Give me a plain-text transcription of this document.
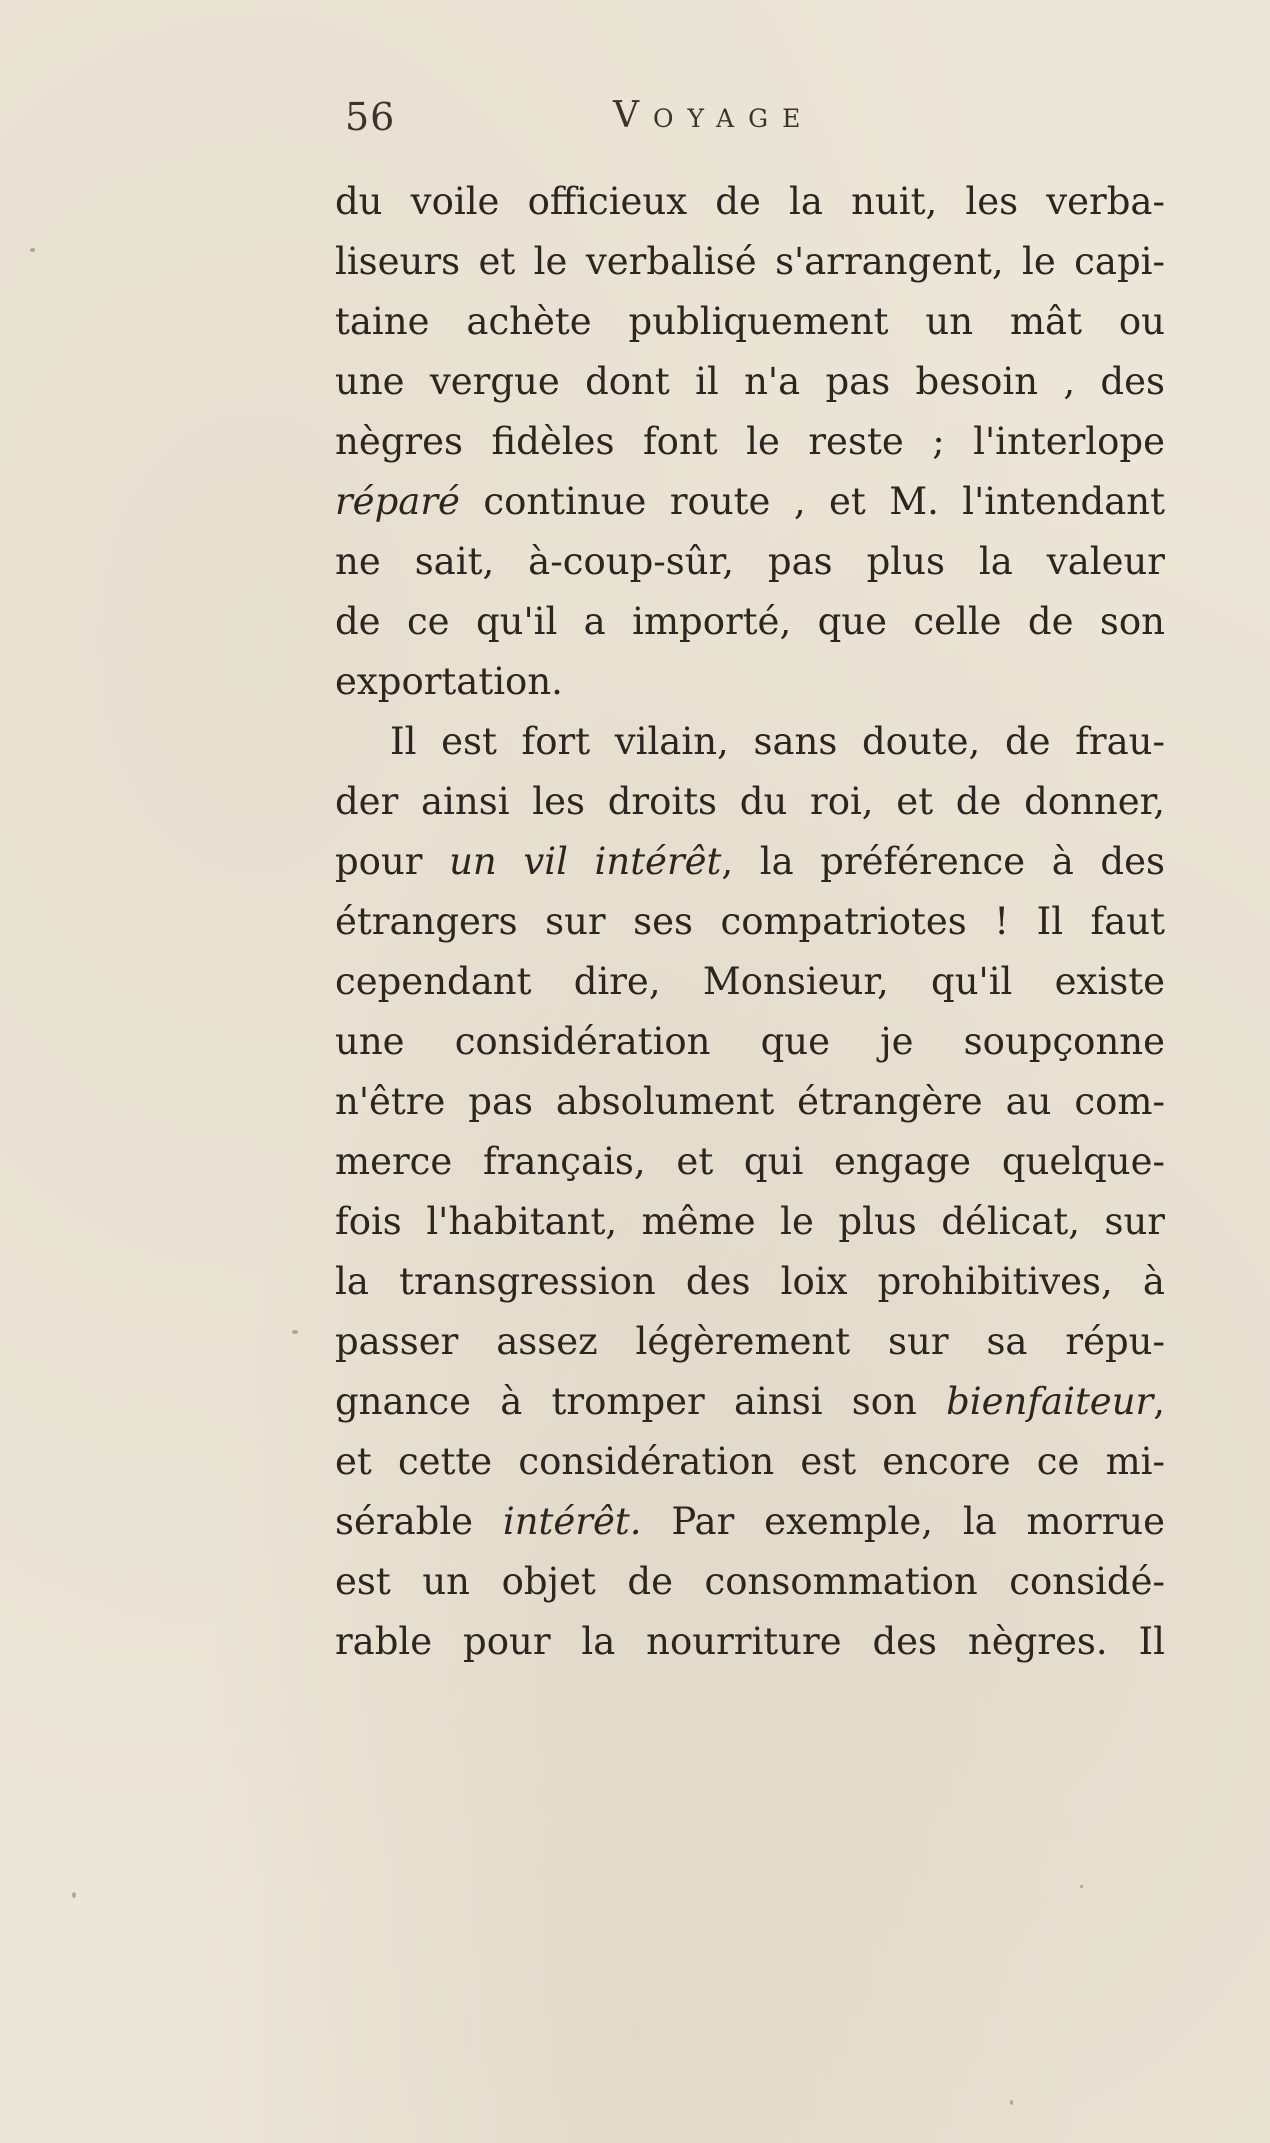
56	Voyage
du voile officieux de la nuit, les verba-
liseurs et le verbalisé s'arrangent, le capi-
taine achète publiquement un mât ou
une vergue dont il n'a pas besoin , des
nègres fidèles font le reste ; l'interlope
réparé continue route , et M. l'intendant
ne sait, à-coup-sûr, pas plus la valeur
de ce qu'il a importé, que celle de son
exportation.
Il est fort vilain, sans doute, de frau-
der ainsi les droits du roi, et de donner,
pour un vil intérêt, la préférence à des
étrangers sur ses compatriotes ! Il faut
cependant dire, Monsieur, qu'il existe
une considération que je soupçonne
n'être pas absolument étrangère au com-
merce français, et qui engage quelque-
fois l'habitant, même le plus délicat, sur
la transgression des loix prohibitives, à
passer assez légèrement sur sa répu-
gnance à tromper ainsi son bienfaiteur,
et cette considération est encore ce mi-
sérable intérêt. Par exemple, la morrue
est un objet de consommation considé-
rable pour la nourriture des nègres. Il
